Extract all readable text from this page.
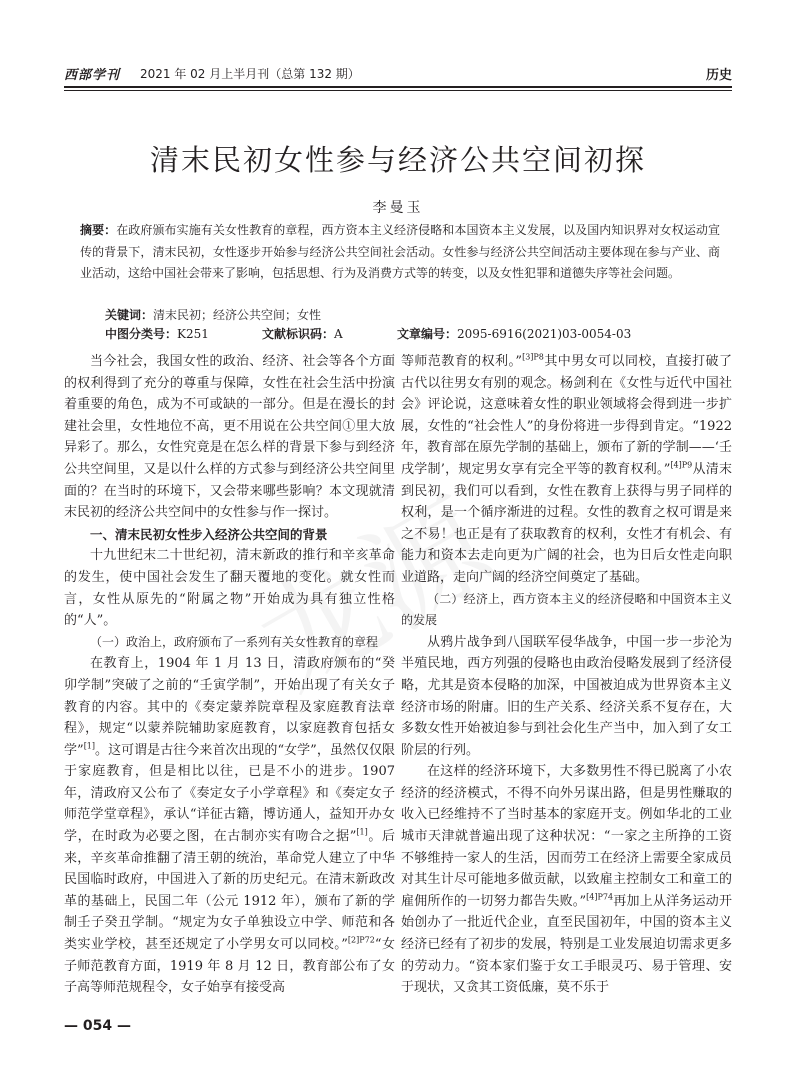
西部学刊 2021 年 02 月上半月刊（总第 132 期）	历史
清末民初女性参与经济公共空间初探
李曼玉
摘要：在政府颁布实施有关女性教育的章程，西方资本主义经济侵略和本国资本主义发展，以及国内知识界对女权运动宣传的背景下，清末民初，女性逐步开始参与经济公共空间社会活动。女性参与经济公共空间活动主要体现在参与产业、商业活动，这给中国社会带来了影响，包括思想、行为及消费方式等的转变，以及女性犯罪和道德失序等社会问题。
关键词：清末民初；经济公共空间；女性
中图分类号：K251	文献标识码：A	文章编号：2095-6916(2021)03-0054-03

当今社会，我国女性的政治、经济、社会等各个方面的权利得到了充分的尊重与保障，女性在社会生活中扮演着重要的角色，成为不可或缺的一部分。但是在漫长的封建社会里，女性地位不高，更不用说在公共空间①里大放异彩了。那么，女性究竟是在怎么样的背景下参与到经济公共空间里，又是以什么样的方式参与到经济公共空间里面的？在当时的环境下，又会带来哪些影响？本文现就清末民初的经济公共空间中的女性参与作一探讨。

一、清末民初女性步入经济公共空间的背景

十九世纪末二十世纪初，清末新政的推行和辛亥革命的发生，使中国社会发生了翻天覆地的变化。就女性而言，女性从原先的“附属之物”开始成为具有独立性格的“人”。

（一）政治上，政府颁布了一系列有关女性教育的章程

在教育上，1904 年 1 月 13 日，清政府颁布的“癸卯学制”突破了之前的“壬寅学制”，开始出现了有关女子教育的内容。其中的《奏定蒙养院章程及家庭教育法章程》，规定“以蒙养院辅助家庭教育，以家庭教育包括女学”[1]。这可谓是古往今来首次出现的“女学”，虽然仅仅限于家庭教育，但是相比以往，已是不小的进步。1907 年，清政府又公布了《奏定女子小学章程》和《奏定女子师范学堂章程》，承认“详征古籍，博访通人，益知开办女学，在时政为必要之图，在古制亦实有吻合之据”[1]。后来，辛亥革命推翻了清王朝的统治，革命党人建立了中华民国临时政府，中国进入了新的历史纪元。在清末新政改革的基础上，民国二年（公元 1912 年），颁布了新的学制壬子癸丑学制。“规定为女子单独设立中学、师范和各类实业学校，甚至还规定了小学男女可以同校。”$^{[2]P72}$“女子师范教育方面，1919 年 8 月 12 日，教育部公布了女子高等师范规程令，女子始享有接受高

等师范教育的权利。”$^{[3]P8}$其中男女可以同校，直接打破了古代以往男女有别的观念。杨剑利在《女性与近代中国社会》评论说，这意味着女性的职业领域将会得到进一步扩展，女性的“社会性人”的身份将进一步得到肯定。“1922 年，教育部在原先学制的基础上，颁布了新的学制——‘壬戌学制’，规定男女享有完全平等的教育权利。”$^{[4]P9}$从清末到民初，我们可以看到，女性在教育上获得与男子同样的权利，是一个循序渐进的过程。女性的教育之权可谓是来之不易！也正是有了获取教育的权利，女性才有机会、有能力和资本去走向更为广阔的社会，也为日后女性走向职业道路，走向广阔的经济空间奠定了基础。

（二）经济上，西方资本主义的经济侵略和中国资本主义的发展

从鸦片战争到八国联军侵华战争，中国一步一步沦为半殖民地，西方列强的侵略也由政治侵略发展到了经济侵略，尤其是资本侵略的加深，中国被迫成为世界资本主义经济市场的附庸。旧的生产关系、经济关系不复存在，大多数女性开始被迫参与到社会化生产当中，加入到了女工阶层的行列。

在这样的经济环境下，大多数男性不得已脱离了小农经济的经济模式，不得不向外另谋出路，但是男性赚取的收入已经维持不了当时基本的家庭开支。例如华北的工业城市天津就普遍出现了这种状况：“一家之主所挣的工资不够维持一家人的生活，因而劳工在经济上需要全家成员对其生计尽可能地多做贡献，以致雇主控制女工和童工的雇佣所作的一切努力都告失败。”$^{[4]P74}$再加上从洋务运动开始创办了一批近代企业，直至民国初年，中国的资本主义经济已经有了初步的发展，特别是工业发展迫切需求更多的劳动力。“资本家们鉴于女工手眼灵巧、易于管理、安于现状，又贪其工资低廉，莫不乐于

— 054 —
